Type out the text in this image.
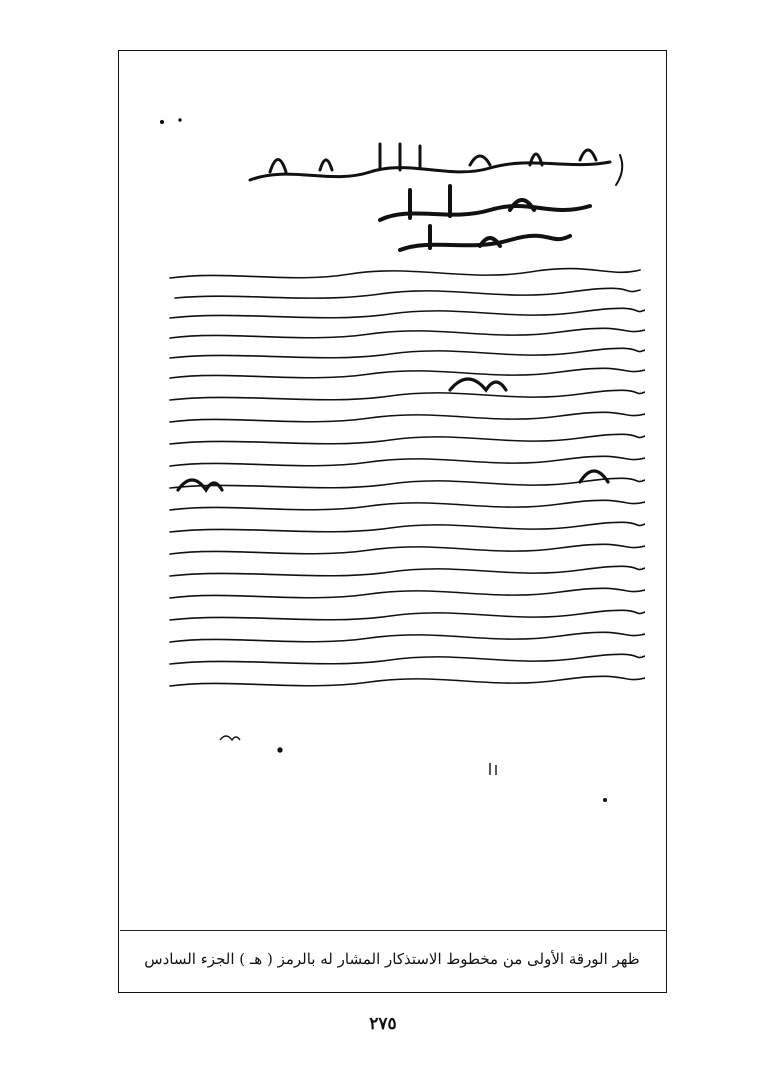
ظهر الورقة الأولى من مخطوط الاستذكار المشار له بالرمز ( هـ ) الجزء السادس
٢٧٥
